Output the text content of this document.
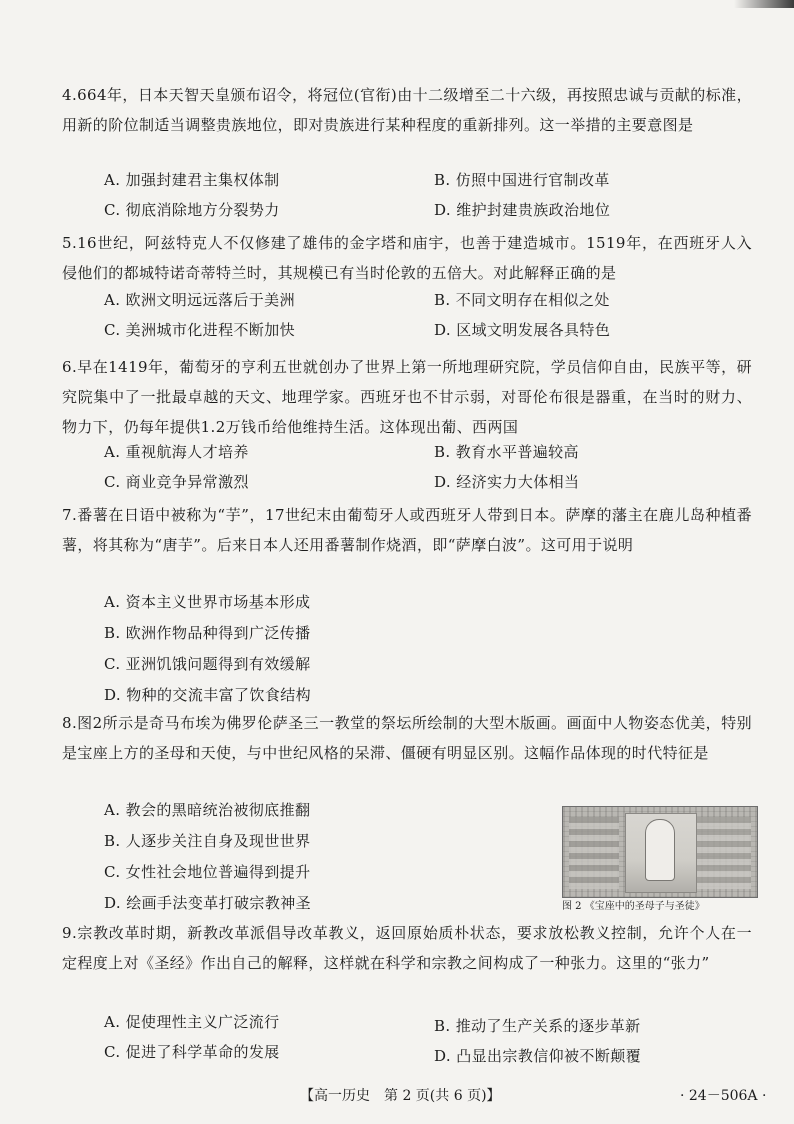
4.664年，日本天智天皇颁布诏令，将冠位(官衔)由十二级增至二十六级，再按照忠诚与贡献的标准，用新的阶位制适当调整贵族地位，即对贵族进行某种程度的重新排列。这一举措的主要意图是

A. 加强封建君主集权体制	B. 仿照中国进行官制改革
C. 彻底消除地方分裂势力	D. 维护封建贵族政治地位

5.16世纪，阿兹特克人不仅修建了雄伟的金字塔和庙宇，也善于建造城市。1519年，在西班牙人入侵他们的都城特诺奇蒂特兰时，其规模已有当时伦敦的五倍大。对此解释正确的是

A. 欧洲文明远远落后于美洲	B. 不同文明存在相似之处
C. 美洲城市化进程不断加快	D. 区域文明发展各具特色

6.早在1419年，葡萄牙的亨利五世就创办了世界上第一所地理研究院，学员信仰自由，民族平等，研究院集中了一批最卓越的天文、地理学家。西班牙也不甘示弱，对哥伦布很是器重，在当时的财力、物力下，仍每年提供1.2万钱币给他维持生活。这体现出葡、西两国

A. 重视航海人才培养	B. 教育水平普遍较高
C. 商业竞争异常激烈	D. 经济实力大体相当

7.番薯在日语中被称为“芋”，17世纪末由葡萄牙人或西班牙人带到日本。萨摩的藩主在鹿儿岛种植番薯，将其称为“唐芋”。后来日本人还用番薯制作烧酒，即“萨摩白波”。这可用于说明

A. 资本主义世界市场基本形成
B. 欧洲作物品种得到广泛传播
C. 亚洲饥饿问题得到有效缓解
D. 物种的交流丰富了饮食结构

8.图2所示是奇马布埃为佛罗伦萨圣三一教堂的祭坛所绘制的大型木版画。画面中人物姿态优美，特别是宝座上方的圣母和天使，与中世纪风格的呆滞、僵硬有明显区别。这幅作品体现的时代特征是

A. 教会的黑暗统治被彻底推翻
B. 人逐步关注自身及现世世界
C. 女性社会地位普遍得到提升
D. 绘画手法变革打破宗教神圣	图 2 《宝座中的圣母子与圣徒》

9.宗教改革时期，新教改革派倡导改革教义，返回原始质朴状态，要求放松教义控制，允许个人在一定程度上对《圣经》作出自己的解释，这样就在科学和宗教之间构成了一种张力。这里的“张力”

A. 促使理性主义广泛流行	B. 推动了生产关系的逐步革新
C. 促进了科学革命的发展	D. 凸显出宗教信仰被不断颠覆
【高一历史　第 2 页(共 6 页)】	· 24－506A ·
